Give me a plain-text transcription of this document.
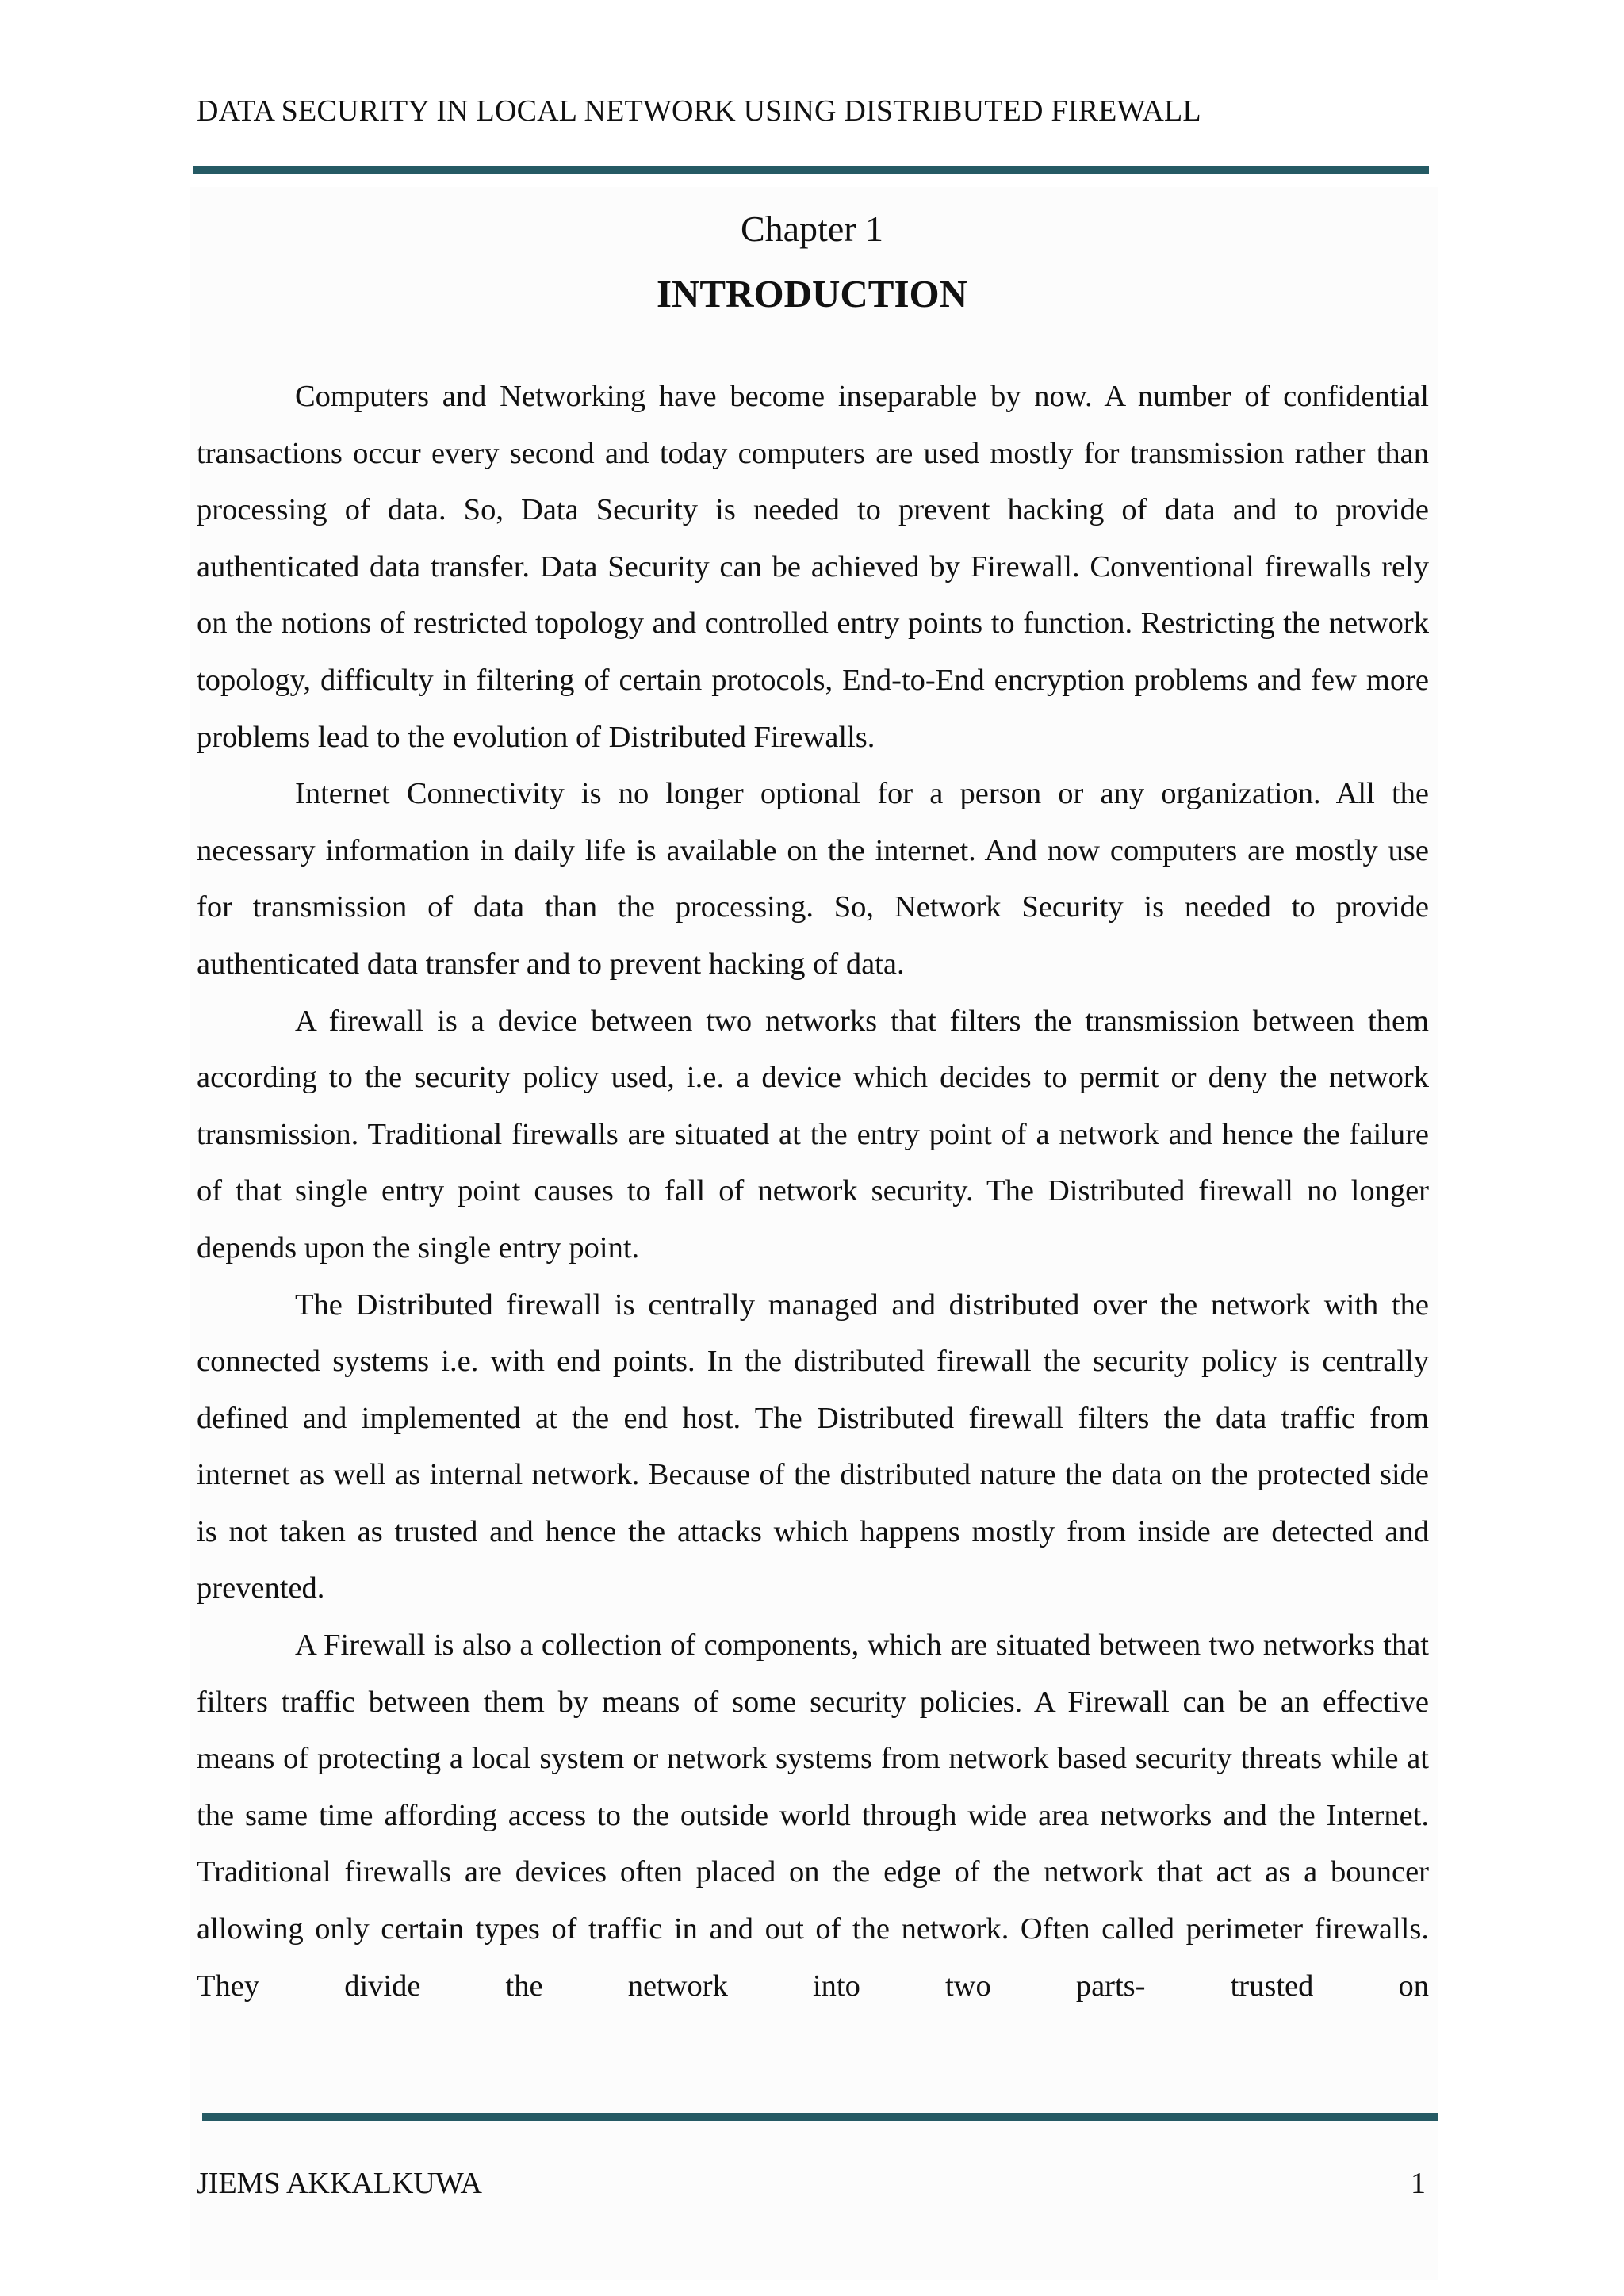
DATA SECURITY IN LOCAL NETWORK USING DISTRIBUTED FIREWALL
Chapter 1
INTRODUCTION

Computers and Networking have become inseparable by now. A number of confidential transactions occur every second and today computers are used mostly for transmission rather than processing of data. So, Data Security is needed to prevent hacking of data and to provide authenticated data transfer. Data Security can be achieved by Firewall. Conventional firewalls rely on the notions of restricted topology and controlled entry points to function. Restricting the network topology, difficulty in filtering of certain protocols, End-to-End encryption problems and few more problems lead to the evolution of Distributed Firewalls.

Internet Connectivity is no longer optional for a person or any organization. All the necessary information in daily life is available on the internet. And now computers are mostly use for transmission of data than the processing. So, Network Security is needed to provide authenticated data transfer and to prevent hacking of data.

A firewall is a device between two networks that filters the transmission between them according to the security policy used, i.e. a device which decides to permit or deny the network transmission. Traditional firewalls are situated at the entry point of a network and hence the failure of that single entry point causes to fall of network security. The Distributed firewall no longer depends upon the single entry point.

The Distributed firewall is centrally managed and distributed over the network with the connected systems i.e. with end points. In the distributed firewall the security policy is centrally defined and implemented at the end host. The Distributed firewall filters the data traffic from internet as well as internal network. Because of the distributed nature the data on the protected side is not taken as trusted and hence the attacks which happens mostly from inside are detected and prevented.

A Firewall is also a collection of components, which are situated between two networks that filters traffic between them by means of some security policies. A Firewall can be an effective means of protecting a local system or network systems from network based security threats while at the same time affording access to the outside world through wide area networks and the Internet. Traditional firewalls are devices often placed on the edge of the network that act as a bouncer allowing only certain types of traffic in and out of the network. Often called perimeter firewalls. They divide the network into two parts- trusted on

JIEMS AKKALKUWA	1
